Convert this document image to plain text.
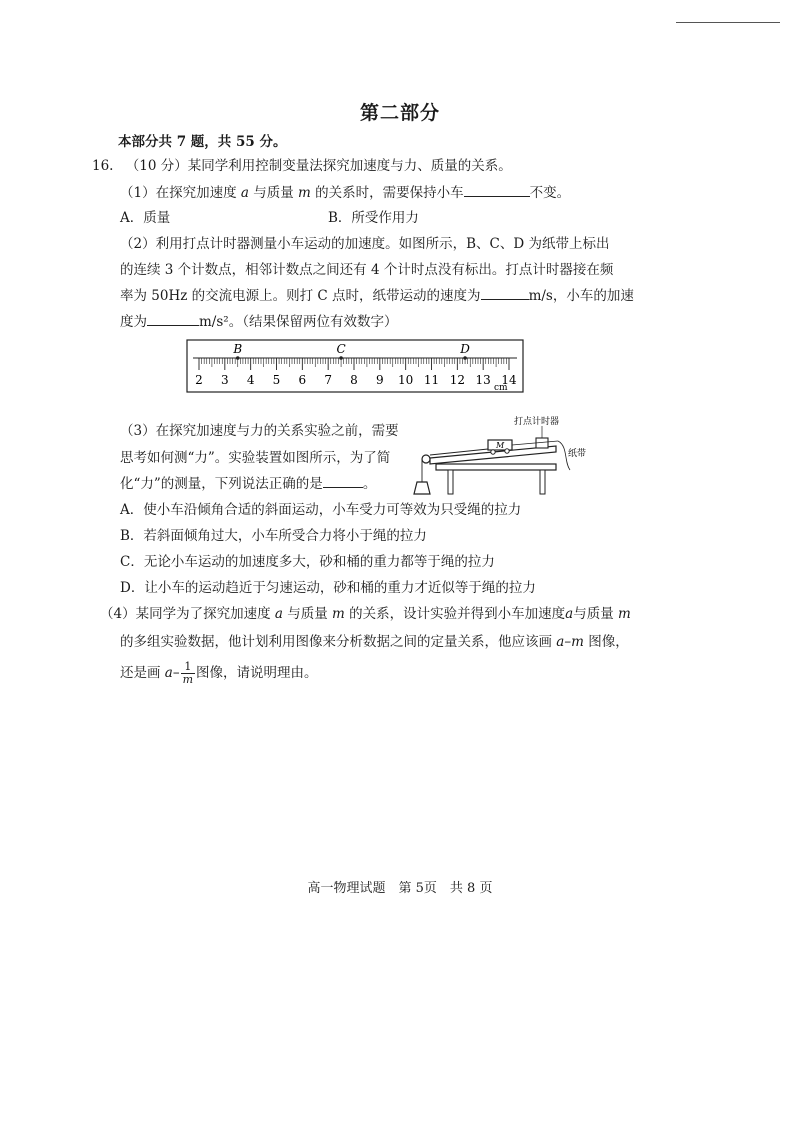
第二部分
本部分共 7 题，共 55 分。
16. （10 分）某同学利用控制变量法探究加速度与力、质量的关系。
（1）在探究加速度 a 与质量 m 的关系时，需要保持小车	不变。
A．质量	B．所受作用力
（2）利用打点计时器测量小车运动的加速度。如图所示，B、C、D 为纸带上标出
的连续 3 个计数点，相邻计数点之间还有 4 个计时点没有标出。打点计时器接在频
率为 50Hz 的交流电源上。则打 C 点时，纸带运动的速度为	m/s，小车的加速
度为	m/s²。（结果保留两位有效数字）
2 3 4 5 6 7 8 9 10 11 12 13 14
B	C	D
cm
（3）在探究加速度与力的关系实验之前，需要
思考如何测“力”。实验装置如图所示，为了简
化“力”的测量，下列说法正确的是	。
M
打点计时器
纸带
A．使小车沿倾角合适的斜面运动，小车受力可等效为只受绳的拉力
B．若斜面倾角过大，小车所受合力将小于绳的拉力
C．无论小车运动的加速度多大，砂和桶的重力都等于绳的拉力
D．让小车的运动趋近于匀速运动，砂和桶的重力才近似等于绳的拉力
（4）某同学为了探究加速度 a 与质量 m 的关系，设计实验并得到小车加速度a与质量 m
的多组实验数据，他计划利用图像来分析数据之间的定量关系，他应该画 a–m 图像，
还是画 $a- \frac{1}{m}$ 图像，请说明理由。
高一物理试题　第 5页　共 8 页
